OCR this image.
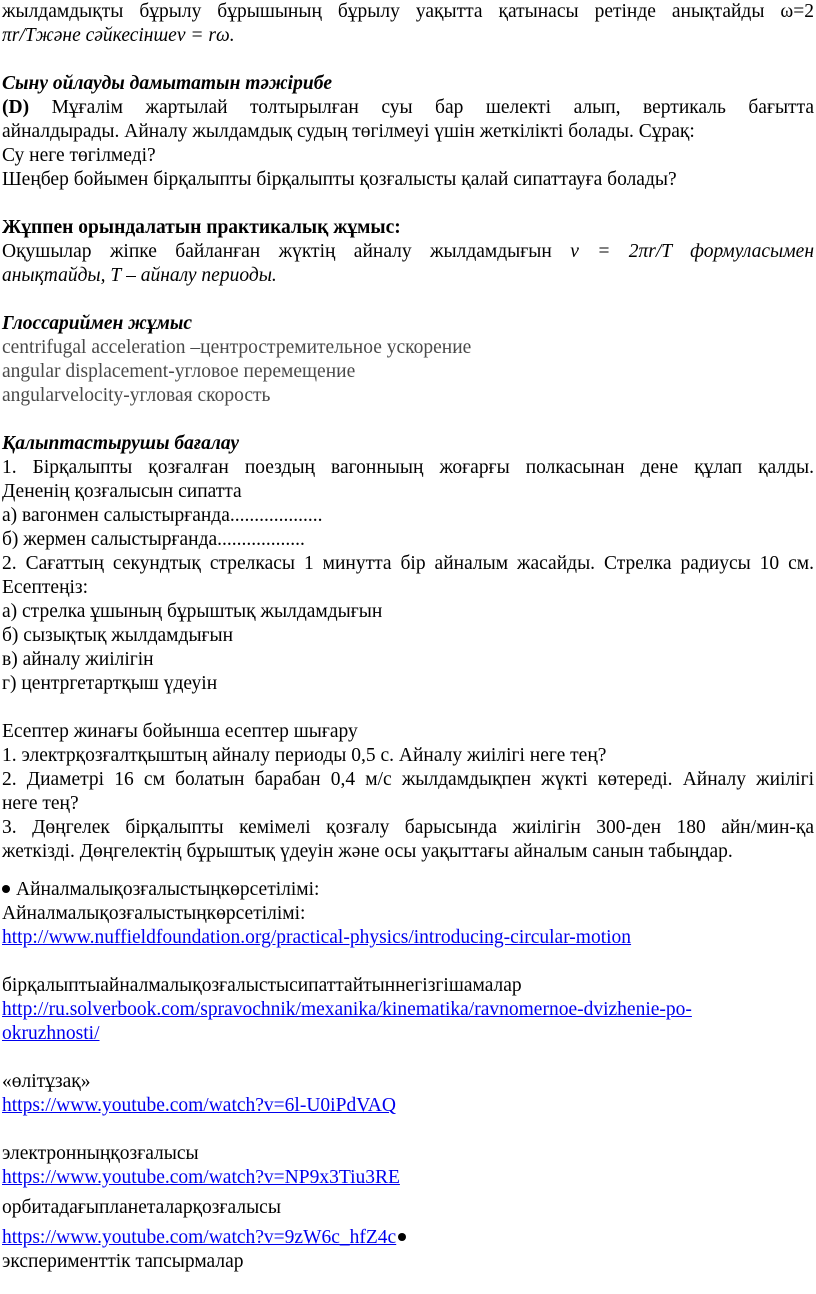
жылдамдықты бұрылу бұрышының бұрылу уақытта қатынасы ретінде анықтайды ω=2

πr/Tжәне сәйкесіншеv = rω.

Сыну ойлауды дамытатын тәжірибе

(D) Мұғалім жартылай толтырылған суы бар шелекті алып, вертикаль бағытта

айналдырады. Айналу жылдамдық судың төгілмеуі үшін жеткілікті болады. Сұрақ:

Су неге төгілмеді?

Шеңбер бойымен бірқалыпты бірқалыпты қозғалысты қалай сипаттауға болады?

Жұппен орындалатын практикалық жұмыс:

Оқушылар жіпке байланған жүктің айналу жылдамдығын v = 2πr/T формуласымен

анықтайды, Т – айналу периоды.

Глоссариймен жұмыс

centrifugal acceleration –центростремительное ускорение

angular displacement-угловое перемещение

angularvelocity-угловая скорость

Қалыптастырушы бағалау

1. Бірқалыпты қозғалған поездың вагонныың жоғарғы полкасынан дене құлап қалды.

Дененің қозғалысын сипатта

а) вагонмен салыстырғанда...................

б) жермен салыстырғанда..................

2. Сағаттың секундтық стрелкасы 1 минутта бір айналым жасайды. Стрелка радиусы 10 см.

Есептеңіз:

а) стрелка ұшының бұрыштық жылдамдығын

б) сызықтық жылдамдығын

в) айналу жиілігін

г) центргетартқыш үдеуін

Есептер жинағы бойынша есептер шығару

1. электрқозғалтқыштың айналу периоды 0,5 с. Айналу жиілігі неге тең?

2. Диаметрі 16 см болатын барабан 0,4 м/с жылдамдықпен жүкті көтереді. Айналу жиілігі

неге тең?

3. Дөңгелек бірқалыпты кемімелі қозғалу барысында жиілігін 300-ден 180 айн/мин-қа

жеткізді. Дөңгелектің бұрыштық үдеуін және осы уақыттағы айналым санын табыңдар.

Айналмалықозғалыстыңкөрсетілімі:

Айналмалықозғалыстыңкөрсетілімі:

http://www.nuffieldfoundation.org/practical-physics/introducing-circular-motion

бірқалыптыайналмалықозғалыстысипаттайтыннегізгішамалар

http://ru.solverbook.com/spravochnik/mexanika/kinematika/ravnomernoe-dvizhenie-po-

okruzhnosti/

«өлітұзақ»

https://www.youtube.com/watch?v=6l-U0iPdVAQ

электронныңқозғалысы

https://www.youtube.com/watch?v=NP9x3Tiu3RE

орбитадағыпланеталарқозғалысы

https://www.youtube.com/watch?v=9zW6c_hfZ4c

эксперименттік тапсырмалар
